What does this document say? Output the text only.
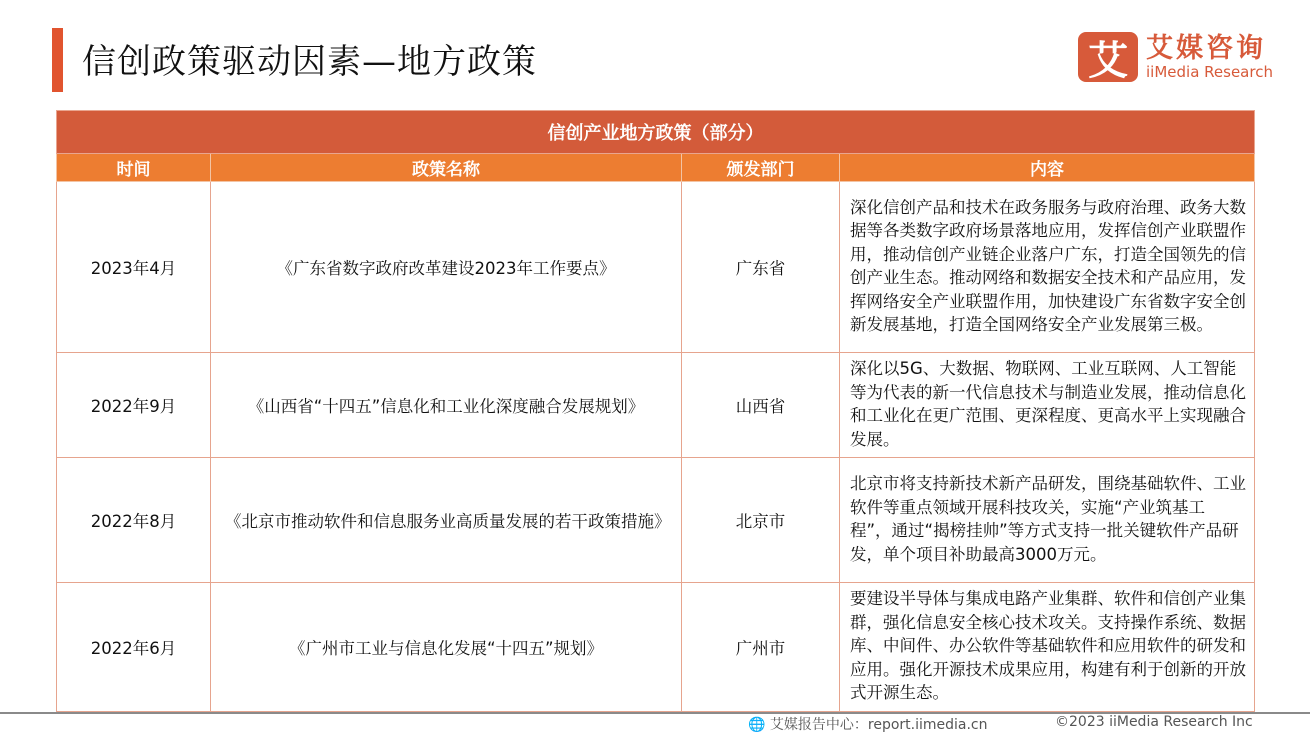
信创政策驱动因素—地方政策	艾 艾媒咨询
iiMedia Research
信创产业地方政策（部分）			
时间	政策名称	颁发部门	内容
2023年4月	《广东省数字政府改革建设2023年工作要点》	广东省	深化信创产品和技术在政务服务与政府治理、政务大数据等各类数字政府场景落地应用，发挥信创产业联盟作用，推动信创产业链企业落户广东，打造全国领先的信创产业生态。推动网络和数据安全技术和产品应用，发挥网络安全产业联盟作用，加快建设广东省数字安全创新发展基地，打造全国网络安全产业发展第三极。
2022年9月	《山西省“十四五”信息化和工业化深度融合发展规划》	山西省	深化以5G、大数据、物联网、工业互联网、人工智能等为代表的新一代信息技术与制造业发展，推动信息化和工业化在更广范围、更深程度、更高水平上实现融合发展。
2022年8月	《北京市推动软件和信息服务业高质量发展的若干政策措施》	北京市	北京市将支持新技术新产品研发，围绕基础软件、工业软件等重点领域开展科技攻关，实施“产业筑基工程”，通过“揭榜挂帅”等方式支持一批关键软件产品研发，单个项目补助最高3000万元。
2022年6月	《广州市工业与信息化发展“十四五”规划》	广州市	要建设半导体与集成电路产业集群、软件和信创产业集群，强化信息安全核心技术攻关。支持操作系统、数据库、中间件、办公软件等基础软件和应用软件的研发和应用。强化开源技术成果应用，构建有利于创新的开放式开源生态。
🌐 艾媒报告中心：report.iimedia.cn	©2023 iiMedia Research Inc
